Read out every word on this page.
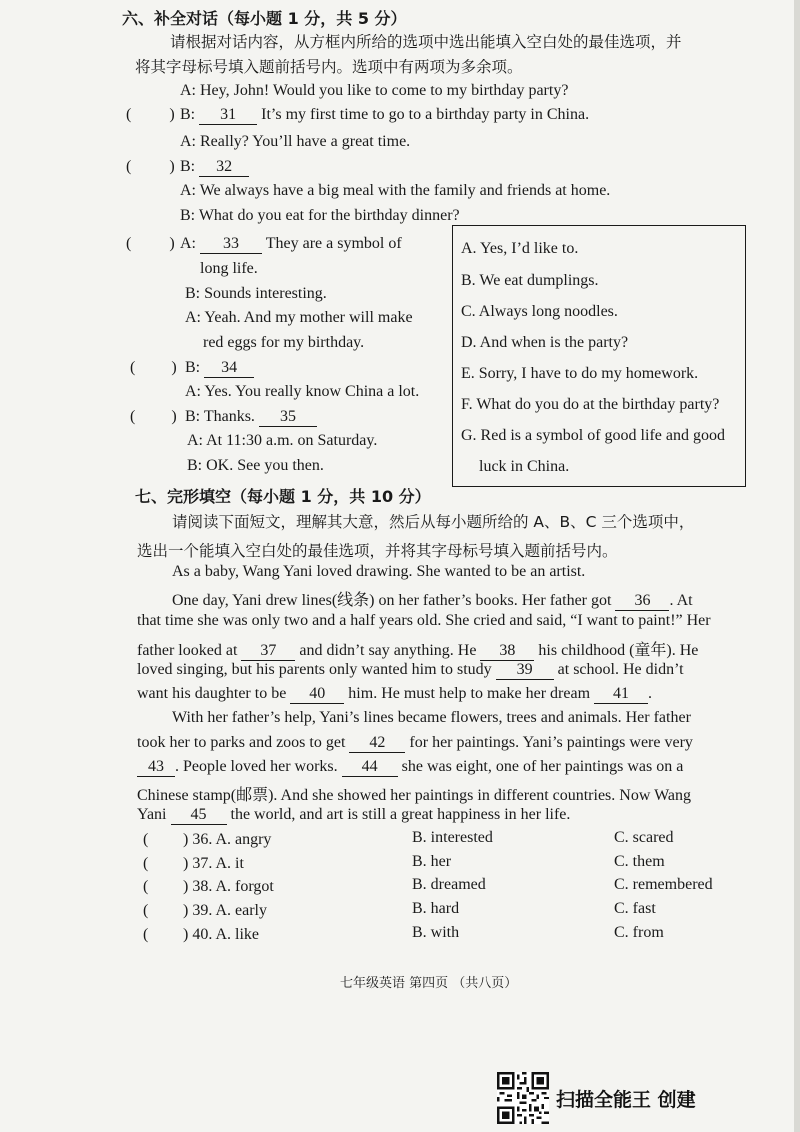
六、补全对话（每小题 1 分，共 5 分）
请根据对话内容，从方框内所给的选项中选出能填入空白处的最佳选项，并
将其字母标号填入题前括号内。选项中有两项为多余项。
A: Hey, John! Would you like to come to my birthday party?
( ) B: 31 It’s my first time to go to a birthday party in China.
A: Really? You’ll have a great time.
( ) B: 32
A: We always have a big meal with the family and friends at home.
B: What do you eat for the birthday dinner?
( ) A: 33 They are a symbol of
long life.
B: Sounds interesting.
A: Yeah. And my mother will make
red eggs for my birthday.
( ) B: 34
A: Yes. You really know China a lot.
( ) B: Thanks. 35
A: At 11:30 a.m. on Saturday.
B: OK. See you then.
A. Yes, I’d like to.
B. We eat dumplings.
C. Always long noodles.
D. And when is the party?
E. Sorry, I have to do my homework.
F. What do you do at the birthday party?
G. Red is a symbol of good life and good
luck in China.
七、完形填空（每小题 1 分，共 10 分）
请阅读下面短文，理解其大意，然后从每小题所给的 A、B、C 三个选项中，
选出一个能填入空白处的最佳选项，并将其字母标号填入题前括号内。
As a baby, Wang Yani loved drawing. She wanted to be an artist.
One day, Yani drew lines(线条) on her father’s books. Her father got 36 . At
that time she was only two and a half years old. She cried and said, “I want to paint!” Her
father looked at 37 and didn’t say anything. He 38 his childhood (童年). He
loved singing, but his parents only wanted him to study 39 at school. He didn’t
want his daughter to be 40 him. He must help to make her dream 41 .
With her father’s help, Yani’s lines became flowers, trees and animals. Her father
took her to parks and zoos to get 42 for her paintings. Yani’s paintings were very
43 . People loved her works. 44 she was eight, one of her paintings was on a
Chinese stamp(邮票). And she showed her paintings in different countries. Now Wang
Yani 45 the world, and art is still a great happiness in her life.
( ) 36. A. angry	B. interested	C. scared
( ) 37. A. it	B. her	C. them
( ) 38. A. forgot	B. dreamed	C. remembered
( ) 39. A. early	B. hard	C. fast
( ) 40. A. like	B. with	C. from
七年级英语 第四页 （共八页）
扫描全能王 创建
